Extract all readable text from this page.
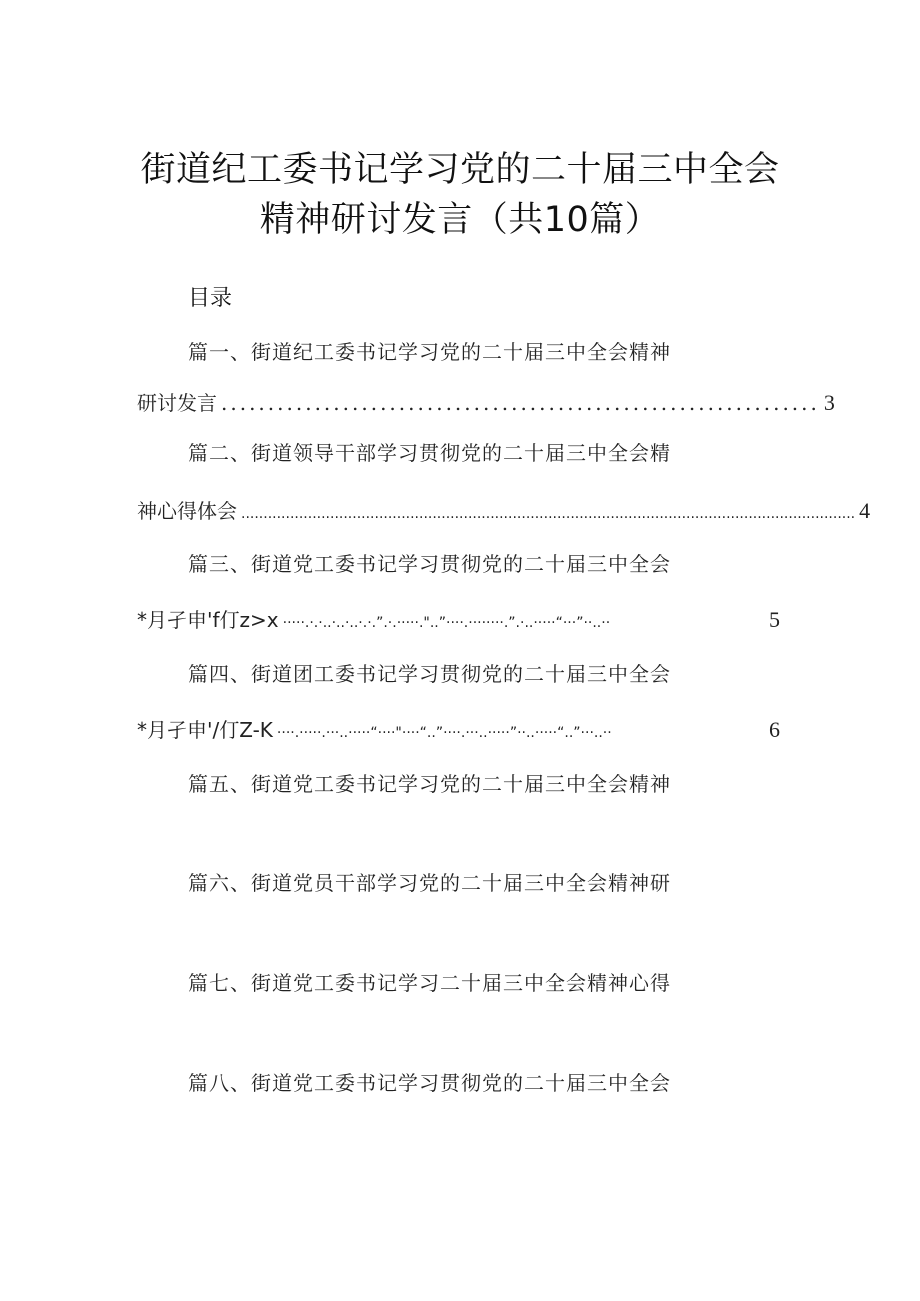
街道纪工委书记学习党的二十届三中全会
精神研讨发言（共10篇）
目录
篇一、街道纪工委书记学习党的二十届三中全会精神
研讨发言 ................................................................ 3
篇二、街道领导干部学习贯彻党的二十届三中全会精
神心得体会 .......................................................................................................................................... 4
篇三、街道党工委书记学习贯彻党的二十届三中全会
*月孑申'f仃z>x ·····.·.·..·..·..·.·.”.·.·····."..”····.········.”.·..·····“···”··..··	5
篇四、街道团工委书记学习贯彻党的二十届三中全会
*月孑申'/仃Z-K ····.·····.···..·····“····"····“..”····.···..·····”··..·····“..”···..··	6
篇五、街道党工委书记学习党的二十届三中全会精神
篇六、街道党员干部学习党的二十届三中全会精神研
篇七、街道党工委书记学习二十届三中全会精神心得
篇八、街道党工委书记学习贯彻党的二十届三中全会
